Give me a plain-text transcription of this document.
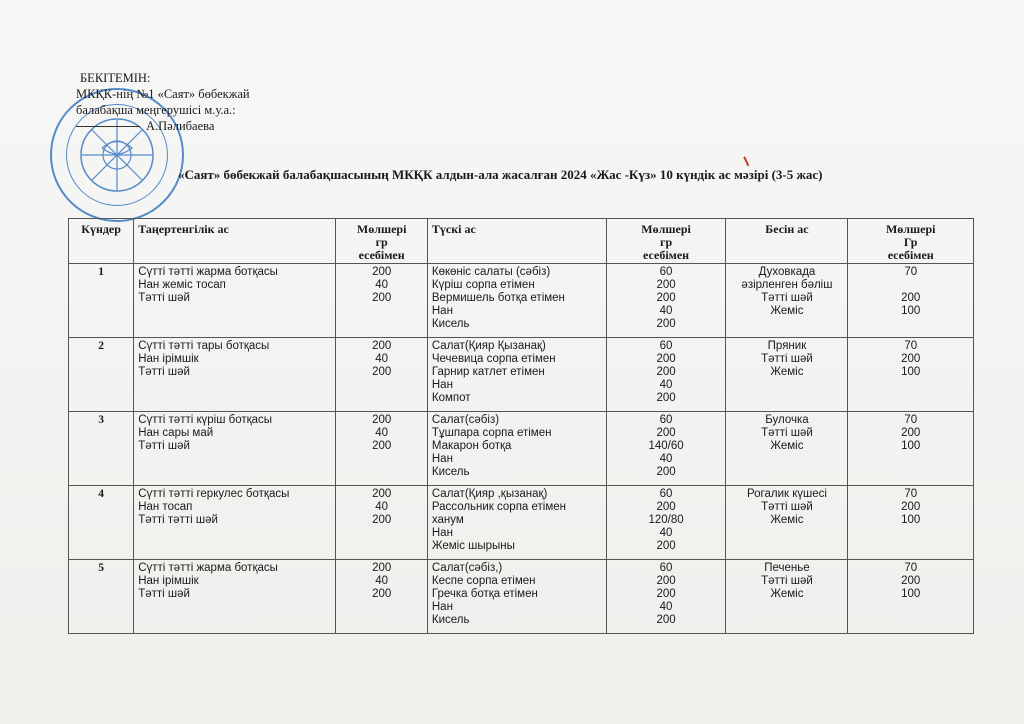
БЕКІТЕМІН:
МКҚК-нің №1 «Саят» бөбекжай
балабақша меңгерушісі м.у.а.:
А.Пәлибаева
«Саят» бөбекжай балабақшасының МКҚК алдын-ала жасалған 2024 «Жас -Күз» 10 күндік ас мәзірі (3-5 жас)
Күндер	Таңертенгілік ас	Мөлшері
гр
есебімен	Түскі ас	Мөлшері
гр
есебімен	Бесін ас	Мөлшері
Гр
есебімен

1	Сүтті тәтті жарма ботқасы
Нан жеміс тосап
Тәтті шәй	200
40
200	Көкөніс салаты (сәбіз)
Күріш сорпа етімен
Вермишель ботқа етімен
Нан
Кисель	60
200
200
40
200	Духовкада
әзірленген бәліш
Тәтті шәй
Жеміс	70

200
100

2	Сүтті тәтті тары ботқасы
Нан ірімшік
Тәтті шәй	200
40
200	Салат(Қияр Қызанақ)
Чечевица сорпа етімен
Гарнир катлет етімен
Нан
Компот	60
200
200
40
200	Пряник
Тәтті шәй
Жеміс	70
200
100

3	Сүтті тәтті күріш ботқасы
Нан сары май
Тәтті шәй	200
40
200	Салат(сәбіз)
Тұшпара сорпа етімен
Макарон ботқа
Нан
Кисель	60
200
140/60
40
200	Булочка
Тәтті шәй
Жеміс	70
200
100

4	Сүтті тәтті геркулес ботқасы
Нан тосап
Тәтті тәтті шәй	200
40
200	Салат(Қияр ,қызанақ)
Рассольник сорпа етімен
ханум
Нан
Жеміс шырыны	60
200
120/80
40
200	Рогалик күшесі
Тәтті шәй
Жеміс	70
200
100

5	Сүтті тәтті жарма ботқасы
Нан ірімшік
Тәтті шәй	200
40
200	Салат(сәбіз,)
Кеспе сорпа етімен
Гречка ботқа етімен
Нан
Кисель	60
200
200
40
200	Печенье
Тәтті шәй
Жеміс	70
200
100
